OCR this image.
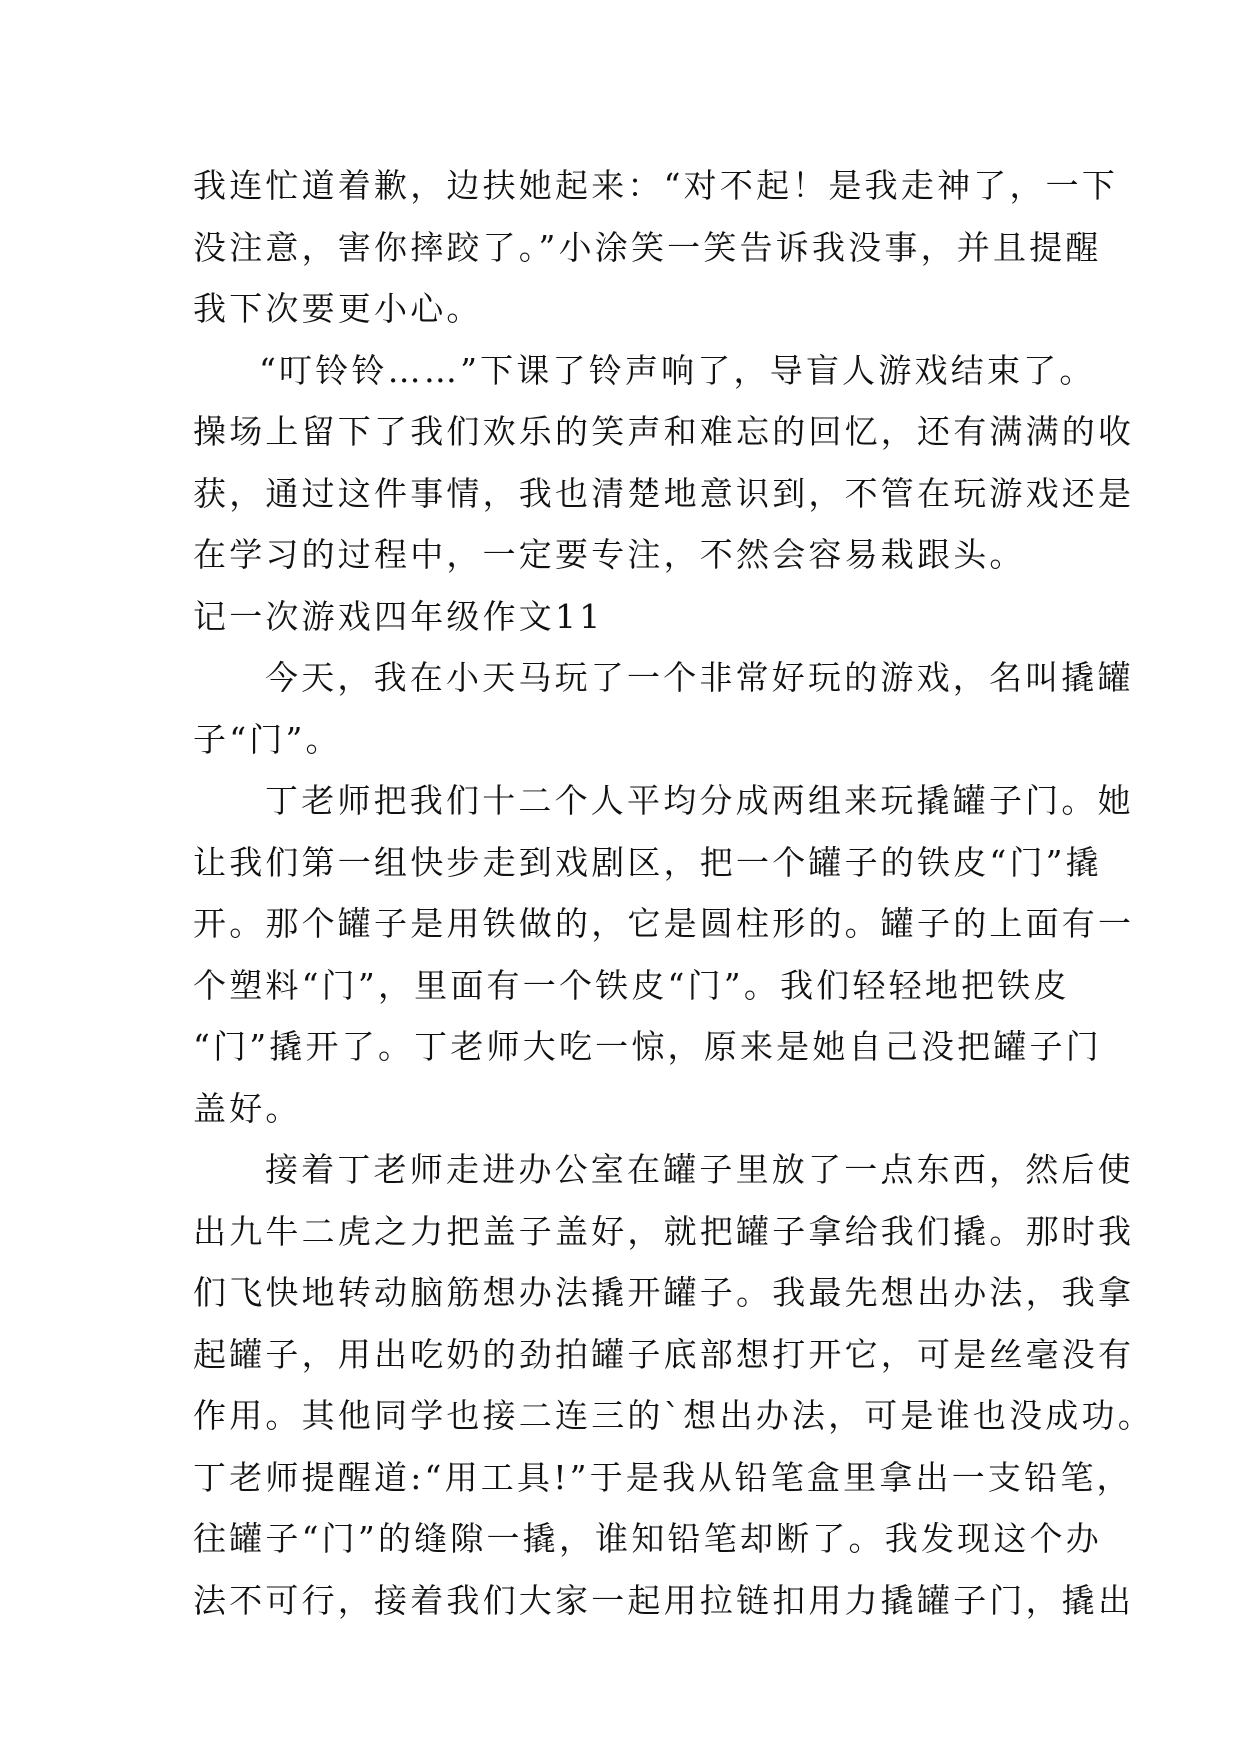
我连忙道着歉，边扶她起来：“对不起！是我走神了，一下
没注意，害你摔跤了。”小涂笑一笑告诉我没事，并且提醒
我下次要更小心。
“叮铃铃……”下课了铃声响了，导盲人游戏结束了。
操场上留下了我们欢乐的笑声和难忘的回忆，还有满满的收
获，通过这件事情，我也清楚地意识到，不管在玩游戏还是
在学习的过程中，一定要专注，不然会容易栽跟头。
记一次游戏四年级作文11
今天，我在小天马玩了一个非常好玩的游戏，名叫撬罐
子“门”。
丁老师把我们十二个人平均分成两组来玩撬罐子门。她
让我们第一组快步走到戏剧区，把一个罐子的铁皮“门”撬
开。那个罐子是用铁做的，它是圆柱形的。罐子的上面有一
个塑料“门”，里面有一个铁皮“门”。我们轻轻地把铁皮
“门”撬开了。丁老师大吃一惊，原来是她自己没把罐子门
盖好。
接着丁老师走进办公室在罐子里放了一点东西，然后使
出九牛二虎之力把盖子盖好，就把罐子拿给我们撬。那时我
们飞快地转动脑筋想办法撬开罐子。我最先想出办法，我拿
起罐子，用出吃奶的劲拍罐子底部想打开它，可是丝毫没有
作用。其他同学也接二连三的`想出办法，可是谁也没成功。
丁老师提醒道:“用工具!”于是我从铅笔盒里拿出一支铅笔，
往罐子“门”的缝隙一撬，谁知铅笔却断了。我发现这个办
法不可行，接着我们大家一起用拉链扣用力撬罐子门，撬出
